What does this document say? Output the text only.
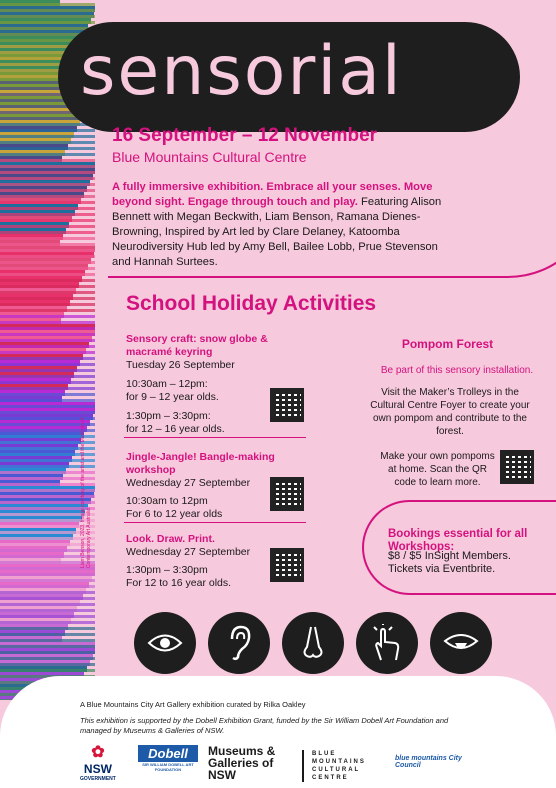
sensorial
16 September – 12 November
Blue Mountains Cultural Centre
A fully immersive exhibition. Embrace all your senses. Move beyond sight. Engage through touch and play. Featuring Alison Bennett with Megan Beckwith, Liam Benson, Ramana Dienes-Browning, Inspired by Art led by Clare Delaney, Katoomba Neurodiversity Hub led by Amy Bell, Bailee Lobb, Prue Stevenson and Hannah Surtees.
School Holiday Activities
Sensory craft: snow globe & macramé keyring
Tuesday 26 September
10:30am – 12pm:
for 9 – 12 year olds.
1:30pm – 3:30pm:
for 12 – 16 year olds.
Jingle-Jangle! Bangle-making workshop
Wednesday 27 September
10:30am to 12pm
For 6 to 12 year olds
Look. Draw. Print.
Wednesday 27 September
1:30pm – 3:30pm
For 12 to 16 year olds.
Pompom Forest
Be part of this sensory installation.
Visit the Maker’s Trolleys in the Cultural Centre Foyer to create your own pompom and contribute to the forest.
Make your own pompoms at home. Scan the QR code to learn more.
Bookings essential for all Workshops:
$8 / $5 InSight Members. Tickets via Eventbrite.
Liam Benson, 2023. Image courtesy of the artist and the Museum of Contemporary Art Australia.
A Blue Mountains City Art Gallery exhibition curated by Rilka Oakley
This exhibition is supported by the Dobell Exhibition Grant, funded by the Sir William Dobell Art Foundation and managed by Museums & Galleries of NSW.
✿
NSW
GOVERNMENT
Dobell
SIR WILLIAM DOBELL ART FOUNDATION
Museums & Galleries of NSW
BLUE MOUNTAINS CULTURAL CENTRE
blue mountains City Council
